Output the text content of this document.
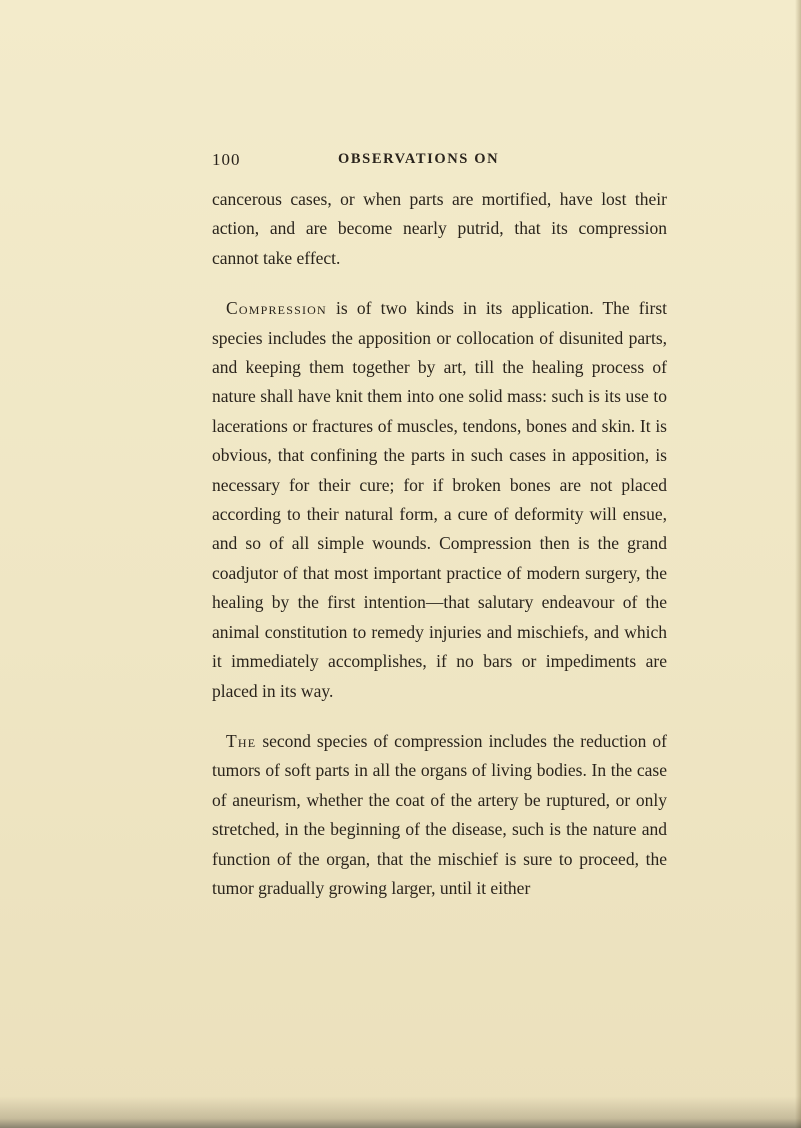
100	OBSERVATIONS ON

cancerous cases, or when parts are mortified, have lost their action, and are become nearly putrid, that its compression cannot take effect.

Compression is of two kinds in its application. The first species includes the apposition or collocation of disunited parts, and keeping them together by art, till the healing process of nature shall have knit them into one solid mass: such is its use to lacerations or fractures of muscles, tendons, bones and skin. It is obvious, that confining the parts in such cases in apposition, is necessary for their cure; for if broken bones are not placed according to their natural form, a cure of deformity will ensue, and so of all simple wounds. Compression then is the grand coadjutor of that most important practice of modern surgery, the healing by the first intention—that salutary endeavour of the animal constitution to remedy injuries and mischiefs, and which it immediately accomplishes, if no bars or impediments are placed in its way.

The second species of compression includes the reduction of tumors of soft parts in all the organs of living bodies. In the case of aneurism, whether the coat of the artery be ruptured, or only stretched, in the beginning of the disease, such is the nature and function of the organ, that the mischief is sure to proceed, the tumor gradually growing larger, until it either
